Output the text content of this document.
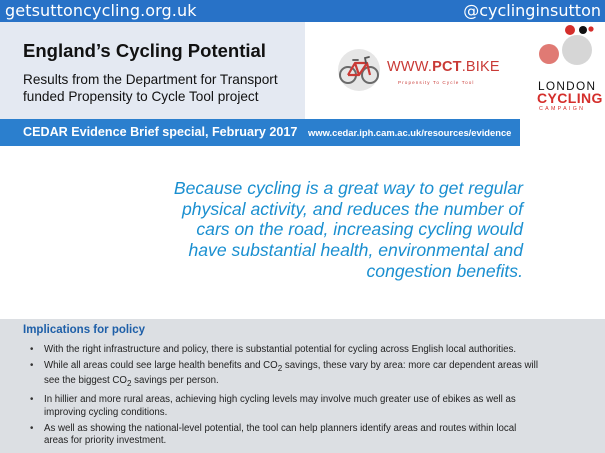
getsuttoncycling.org.uk	@cyclinginsutton
England’s Cycling Potential
Results from the Department for Transport
funded Propensity to Cycle Tool project
WWW.PCT.BIKE
Propensity To Cycle Tool	LONDON
CYCLING
CAMPAIGN
CEDAR Evidence Brief special, February 2017 www.cedar.iph.cam.ac.uk/resources/evidence
Because cycling is a great way to get regular
physical activity, and reduces the number of
cars on the road, increasing cycling would
have substantial health, environmental and
congestion benefits.
Implications for policy
• With the right infrastructure and policy, there is substantial potential for cycling across English local authorities.
• While all areas could see large health benefits and $CO_2$ savings, these vary by area: more car dependent areas will
see the biggest $CO_2$ savings per person.
• In hillier and more rural areas, achieving high cycling levels may involve much greater use of ebikes as well as
improving cycling conditions.
• As well as showing the national-level potential, the tool can help planners identify areas and routes within local
areas for priority investment.
